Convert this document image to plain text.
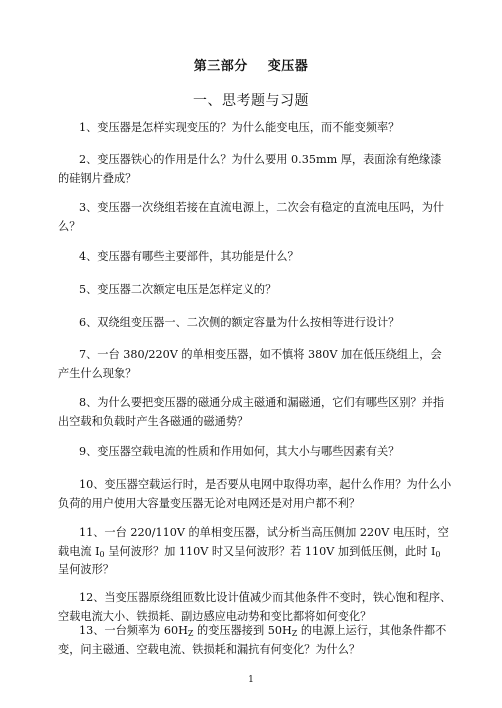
第三部分    变压器
一、思考题与习题

1、变压器是怎样实现变压的？为什么能变电压，而不能变频率？

2、变压器铁心的作用是什么？为什么要用 0.35mm 厚，表面涂有绝缘漆的硅钢片叠成？

3、变压器一次绕组若接在直流电源上，二次会有稳定的直流电压吗，为什么？

4、变压器有哪些主要部件，其功能是什么？

5、变压器二次额定电压是怎样定义的？

6、双绕组变压器一、二次侧的额定容量为什么按相等进行设计？

7、一台 380/220V 的单相变压器，如不慎将 380V 加在低压绕组上，会产生什么现象？

8、为什么要把变压器的磁通分成主磁通和漏磁通，它们有哪些区别？并指出空载和负载时产生各磁通的磁通势？

9、变压器空载电流的性质和作用如何，其大小与哪些因素有关？

10、变压器空载运行时，是否要从电网中取得功率，起什么作用？为什么小负荷的用户使用大容量变压器无论对电网还是对用户都不利？

11、一台 220/110V 的单相变压器，试分析当高压侧加 220V 电压时，空载电流 $I_0$ 呈何波形？加 110V 时又呈何波形？若 110V 加到低压侧，此时 $I_0$ 呈何波形？

12、当变压器原绕组匝数比设计值减少而其他条件不变时，铁心饱和程序、空载电流大小、铁损耗、副边感应电动势和变比都将如何变化？

13、一台频率为 $60H_Z$ 的变压器接到 $50H_Z$ 的电源上运行，其他条件都不变，问主磁通、空载电流、铁损耗和漏抗有何变化？为什么？

1
